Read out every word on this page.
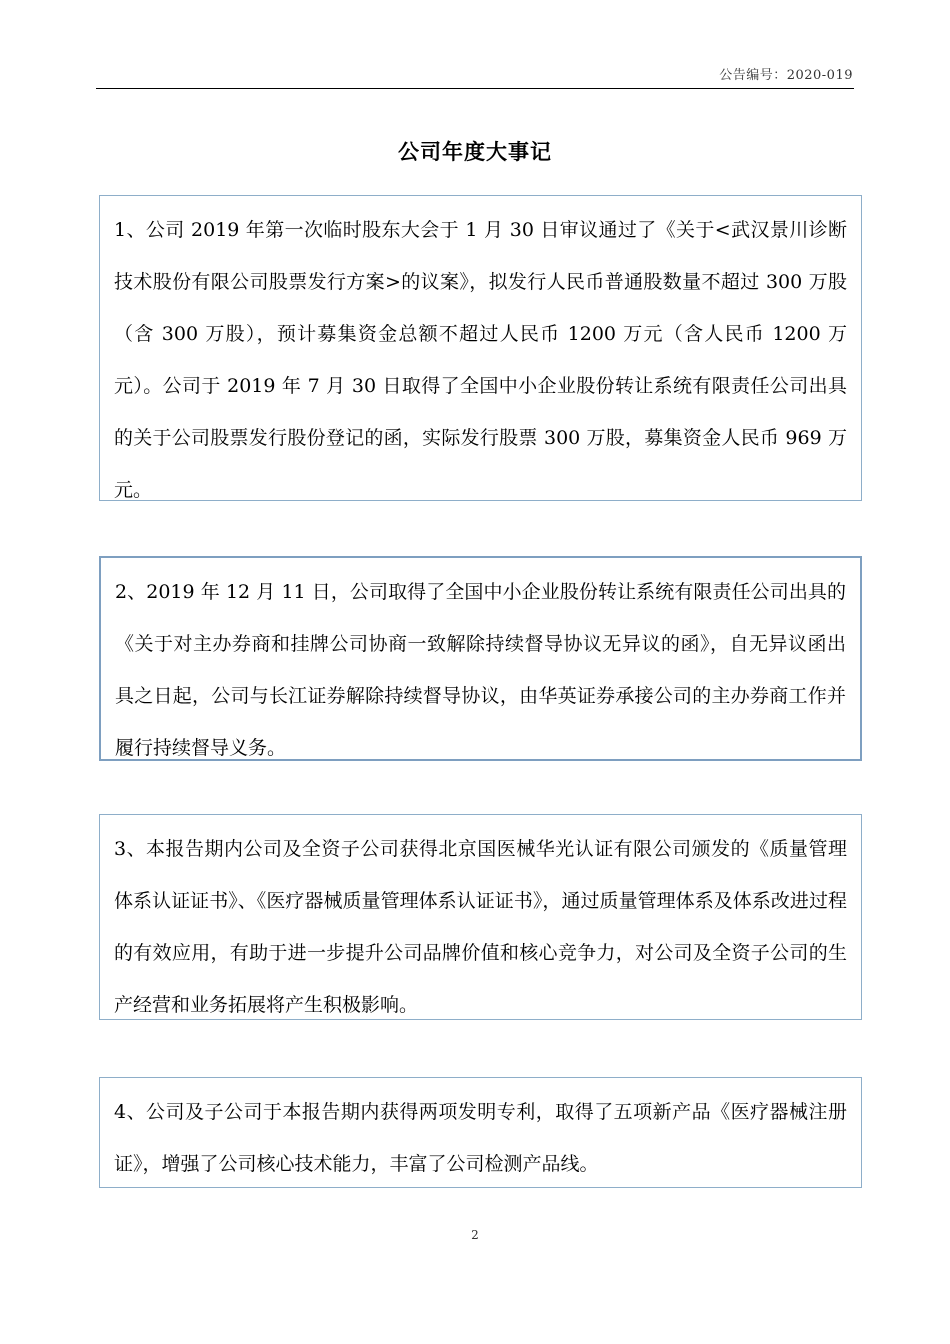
公告编号：2020-019
公司年度大事记

1、公司 2019 年第一次临时股东大会于 1 月 30 日审议通过了《关于<武汉景川诊断技术股份有限公司股票发行方案>的议案》，拟发行人民币普通股数量不超过 300 万股（含 300 万股），预计募集资金总额不超过人民币 1200 万元（含人民币 1200 万元）。公司于 2019 年 7 月 30 日取得了全国中小企业股份转让系统有限责任公司出具的关于公司股票发行股份登记的函，实际发行股票 300 万股，募集资金人民币 969 万元。

2、2019 年 12 月 11 日，公司取得了全国中小企业股份转让系统有限责任公司出具的《关于对主办券商和挂牌公司协商一致解除持续督导协议无异议的函》，自无异议函出具之日起，公司与长江证券解除持续督导协议，由华英证券承接公司的主办券商工作并履行持续督导义务。

3、本报告期内公司及全资子公司获得北京国医械华光认证有限公司颁发的《质量管理体系认证证书》、《医疗器械质量管理体系认证证书》，通过质量管理体系及体系改进过程的有效应用，有助于进一步提升公司品牌价值和核心竞争力，对公司及全资子公司的生产经营和业务拓展将产生积极影响。

4、公司及子公司于本报告期内获得两项发明专利，取得了五项新产品《医疗器械注册证》，增强了公司核心技术能力，丰富了公司检测产品线。

2
